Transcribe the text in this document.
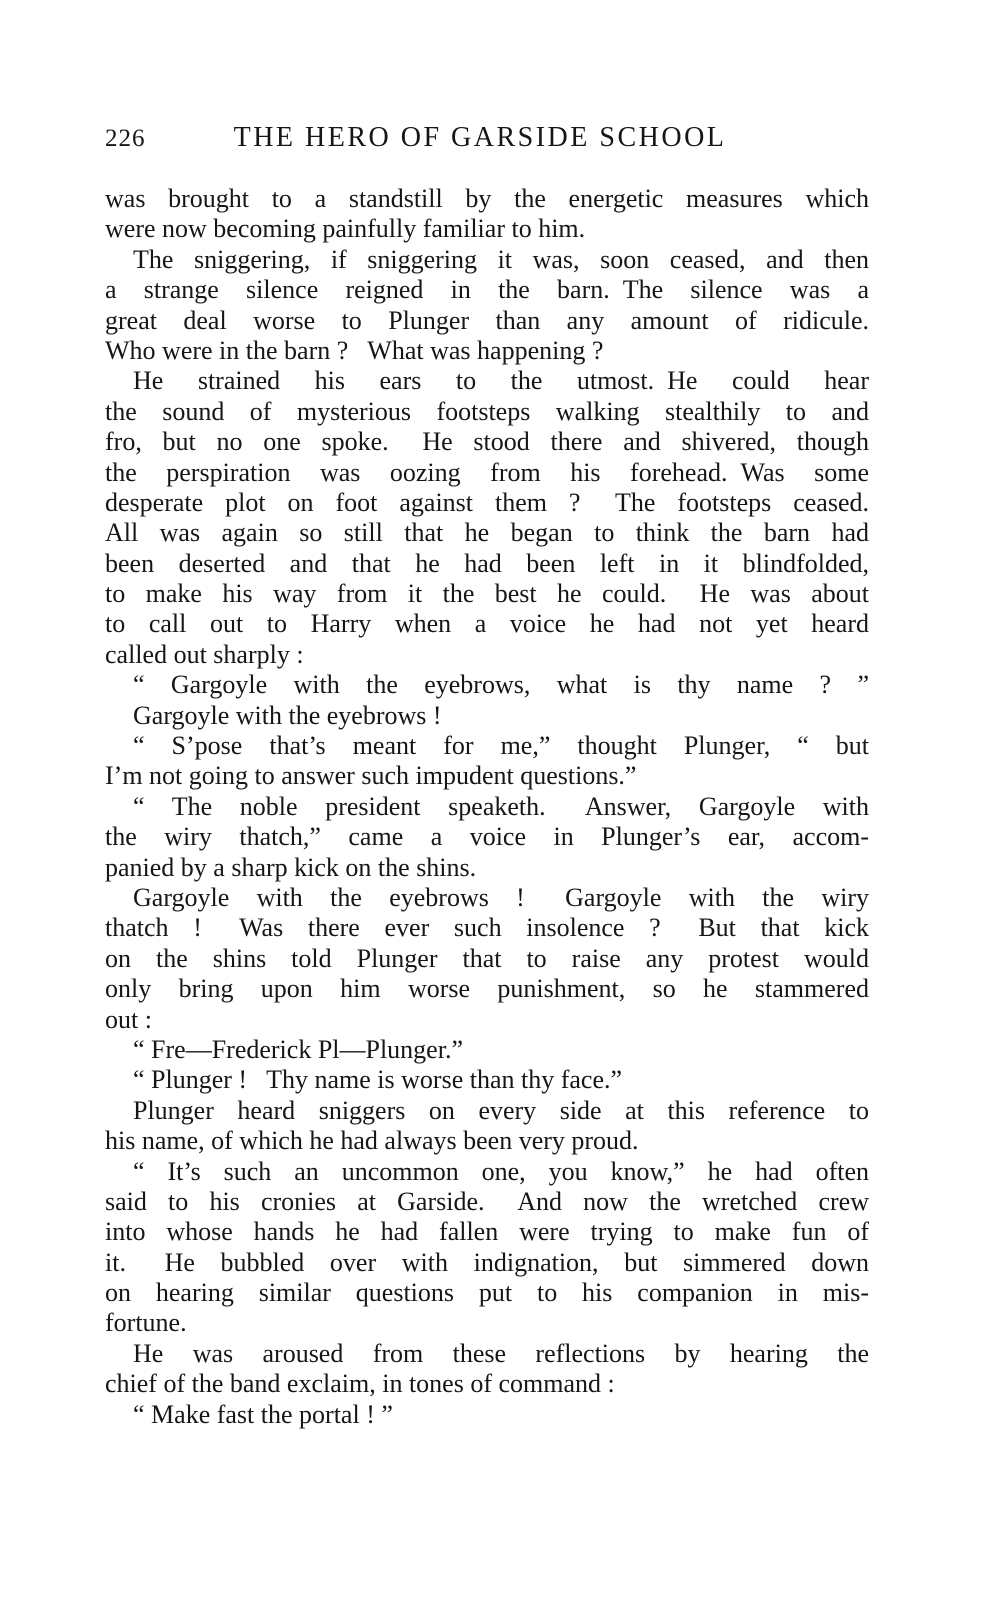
226	THE HERO OF GARSIDE SCHOOL
was brought to a standstill by the energetic measures which
were now becoming painfully familiar to him.
The sniggering, if sniggering it was, soon ceased, and then
a strange silence reigned in the barn. The silence was a
great deal worse to Plunger than any amount of ridicule.
Who were in the barn ?  What was happening ?
He strained his ears to the utmost. He could hear
the sound of mysterious footsteps walking stealthily to and
fro, but no one spoke.  He stood there and shivered, though
the perspiration was oozing from his forehead. Was some
desperate plot on foot against them ?  The footsteps ceased.
All was again so still that he began to think the barn had
been deserted and that he had been left in it blindfolded,
to make his way from it the best he could.  He was about
to call out to Harry when a voice he had not yet heard
called out sharply :
“ Gargoyle with the eyebrows, what is thy name ? ”
Gargoyle with the eyebrows !
“ S’pose that’s meant for me,” thought Plunger, “ but
I’m not going to answer such impudent questions.”
“ The noble president speaketh.  Answer, Gargoyle with
the wiry thatch,” came a voice in Plunger’s ear, accom-
panied by a sharp kick on the shins.
Gargoyle with the eyebrows !  Gargoyle with the wiry
thatch !  Was there ever such insolence ?  But that kick
on the shins told Plunger that to raise any protest would
only bring upon him worse punishment, so he stammered
out :
“ Fre—Frederick Pl—Plunger.”
“ Plunger !  Thy name is worse than thy face.”
Plunger heard sniggers on every side at this reference to
his name, of which he had always been very proud.
“ It’s such an uncommon one, you know,” he had often
said to his cronies at Garside.  And now the wretched crew
into whose hands he had fallen were trying to make fun of
it.  He bubbled over with indignation, but simmered down
on hearing similar questions put to his companion in mis-
fortune.
He was aroused from these reflections by hearing the
chief of the band exclaim, in tones of command :
“ Make fast the portal ! ”
